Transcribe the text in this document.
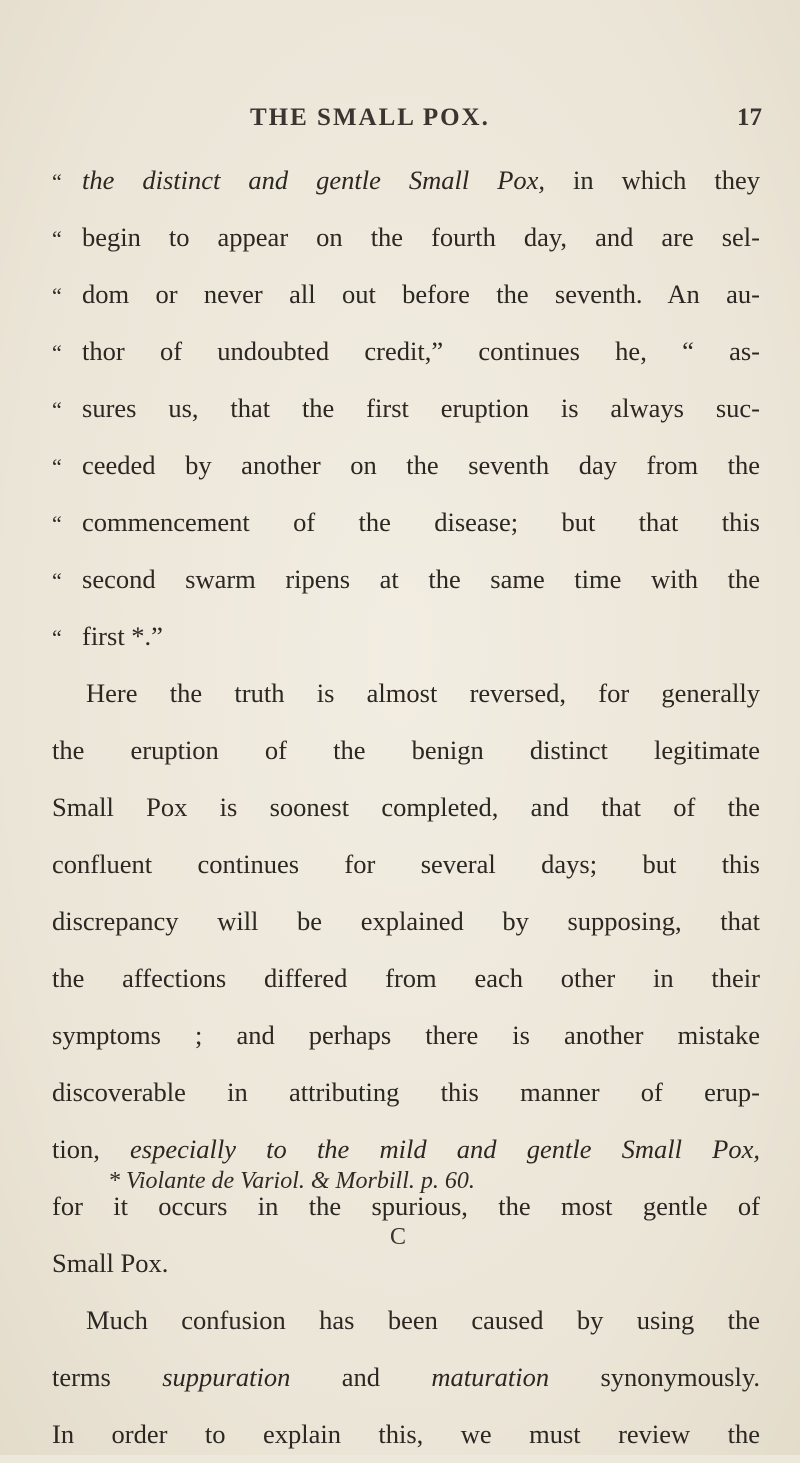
THE SMALL POX.	17
“ the distinct and gentle Small Pox, in which they
“ begin to appear on the fourth day, and are sel-
“ dom or never all out before the seventh. An au-
“ thor of undoubted credit,” continues he, “ as-
“ sures us, that the first eruption is always suc-
“ ceeded by another on the seventh day from the
“ commencement of the disease; but that this
“ second swarm ripens at the same time with the
“ first *.”
Here the truth is almost reversed, for generally
the eruption of the benign distinct legitimate
Small Pox is soonest completed, and that of the
confluent continues for several days; but this
discrepancy will be explained by supposing, that
the affections differed from each other in their
symptoms ; and perhaps there is another mistake
discoverable in attributing this manner of erup-
tion, especially to the mild and gentle Small Pox,
for it occurs in the spurious, the most gentle of
Small Pox.
Much confusion has been caused by using the
terms suppuration and maturation synonymously.
In order to explain this, we must review the
* Violante de Variol. & Morbill. p. 60.
C
